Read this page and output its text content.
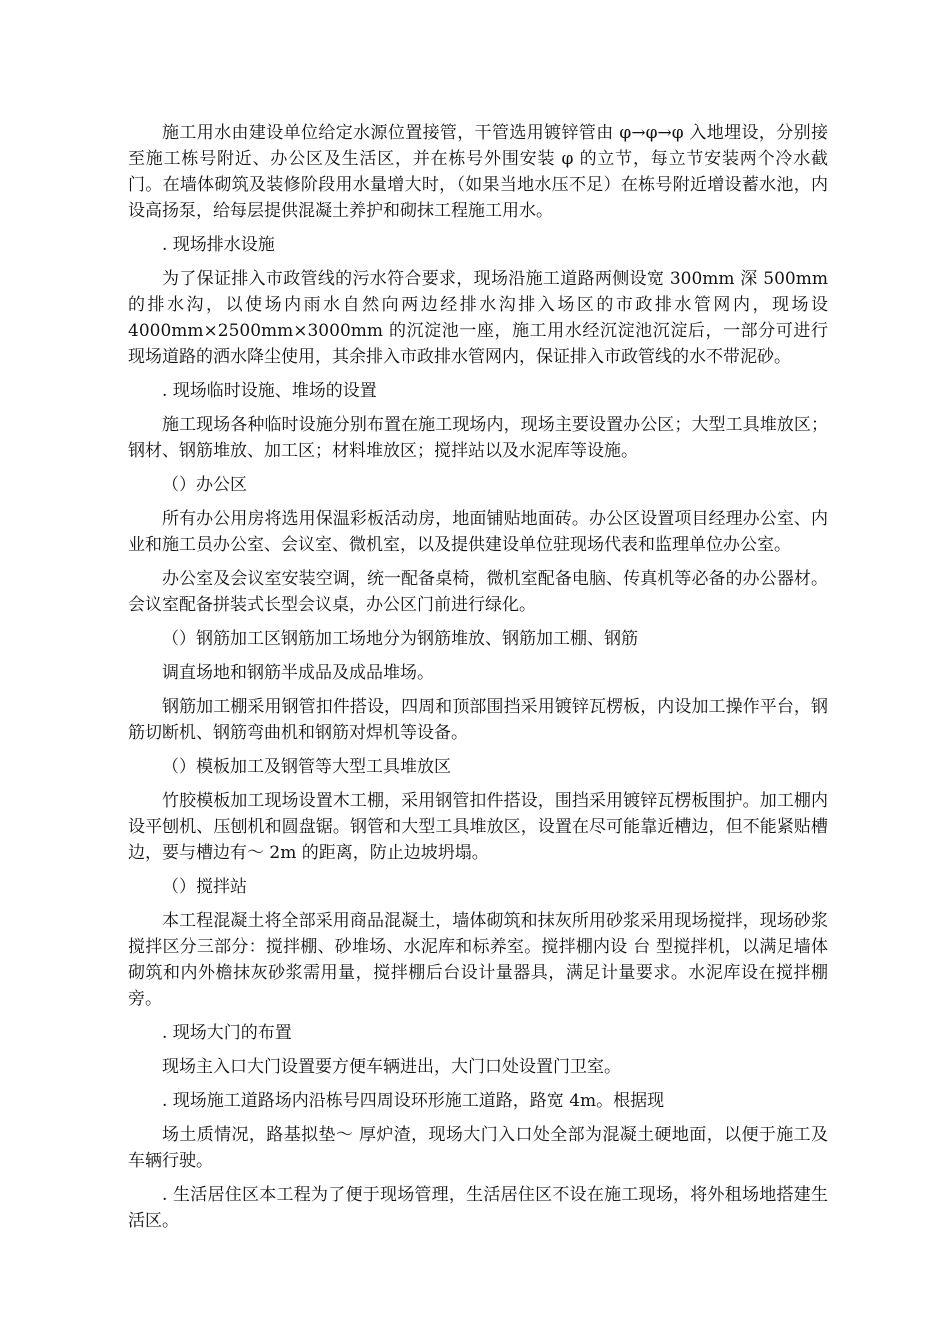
施工用水由建设单位给定水源位置接管，干管选用镀锌管由 φ→φ→φ 入地埋设，分别接至施工栋号附近、办公区及生活区，并在栋号外围安装 φ 的立节，每立节安装两个冷水截门。在墙体砌筑及装修阶段用水量增大时，（如果当地水压不足）在栋号附近增设蓄水池，内设高扬泵，给每层提供混凝土养护和砌抹工程施工用水。

. 现场排水设施

为了保证排入市政管线的污水符合要求，现场沿施工道路两侧设宽 300mm 深 500mm 的排水沟，以使场内雨水自然向两边经排水沟排入场区的市政排水管网内，现场设 4000mm×2500mm×3000mm 的沉淀池一座，施工用水经沉淀池沉淀后，一部分可进行现场道路的洒水降尘使用，其余排入市政排水管网内，保证排入市政管线的水不带泥砂。

. 现场临时设施、堆场的设置

施工现场各种临时设施分别布置在施工现场内，现场主要设置办公区；大型工具堆放区；钢材、钢筋堆放、加工区；材料堆放区；搅拌站以及水泥库等设施。

（）办公区

所有办公用房将选用保温彩板活动房，地面铺贴地面砖。办公区设置项目经理办公室、内业和施工员办公室、会议室、微机室，以及提供建设单位驻现场代表和监理单位办公室。

办公室及会议室安装空调，统一配备桌椅，微机室配备电脑、传真机等必备的办公器材。会议室配备拼装式长型会议桌，办公区门前进行绿化。

（）钢筋加工区钢筋加工场地分为钢筋堆放、钢筋加工棚、钢筋

调直场地和钢筋半成品及成品堆场。

钢筋加工棚采用钢管扣件搭设，四周和顶部围挡采用镀锌瓦楞板，内设加工操作平台，钢筋切断机、钢筋弯曲机和钢筋对焊机等设备。

（）模板加工及钢管等大型工具堆放区

竹胶模板加工现场设置木工棚，采用钢管扣件搭设，围挡采用镀锌瓦楞板围护。加工棚内设平刨机、压刨机和圆盘锯。钢管和大型工具堆放区，设置在尽可能靠近槽边，但不能紧贴槽边，要与槽边有～ 2m 的距离，防止边坡坍塌。

（）搅拌站

本工程混凝土将全部采用商品混凝土，墙体砌筑和抹灰所用砂浆采用现场搅拌，现场砂浆搅拌区分三部分：搅拌棚、砂堆场、水泥库和标养室。搅拌棚内设 台 型搅拌机，以满足墙体砌筑和内外檐抹灰砂浆需用量，搅拌棚后台设计量器具，满足计量要求。水泥库设在搅拌棚旁。

. 现场大门的布置

现场主入口大门设置要方便车辆进出，大门口处设置门卫室。

. 现场施工道路场内沿栋号四周设环形施工道路，路宽 4m。根据现

场土质情况，路基拟垫～ 厚炉渣，现场大门入口处全部为混凝土硬地面，以便于施工及车辆行驶。

. 生活居住区本工程为了便于现场管理，生活居住区不设在施工现场，将外租场地搭建生活区。
